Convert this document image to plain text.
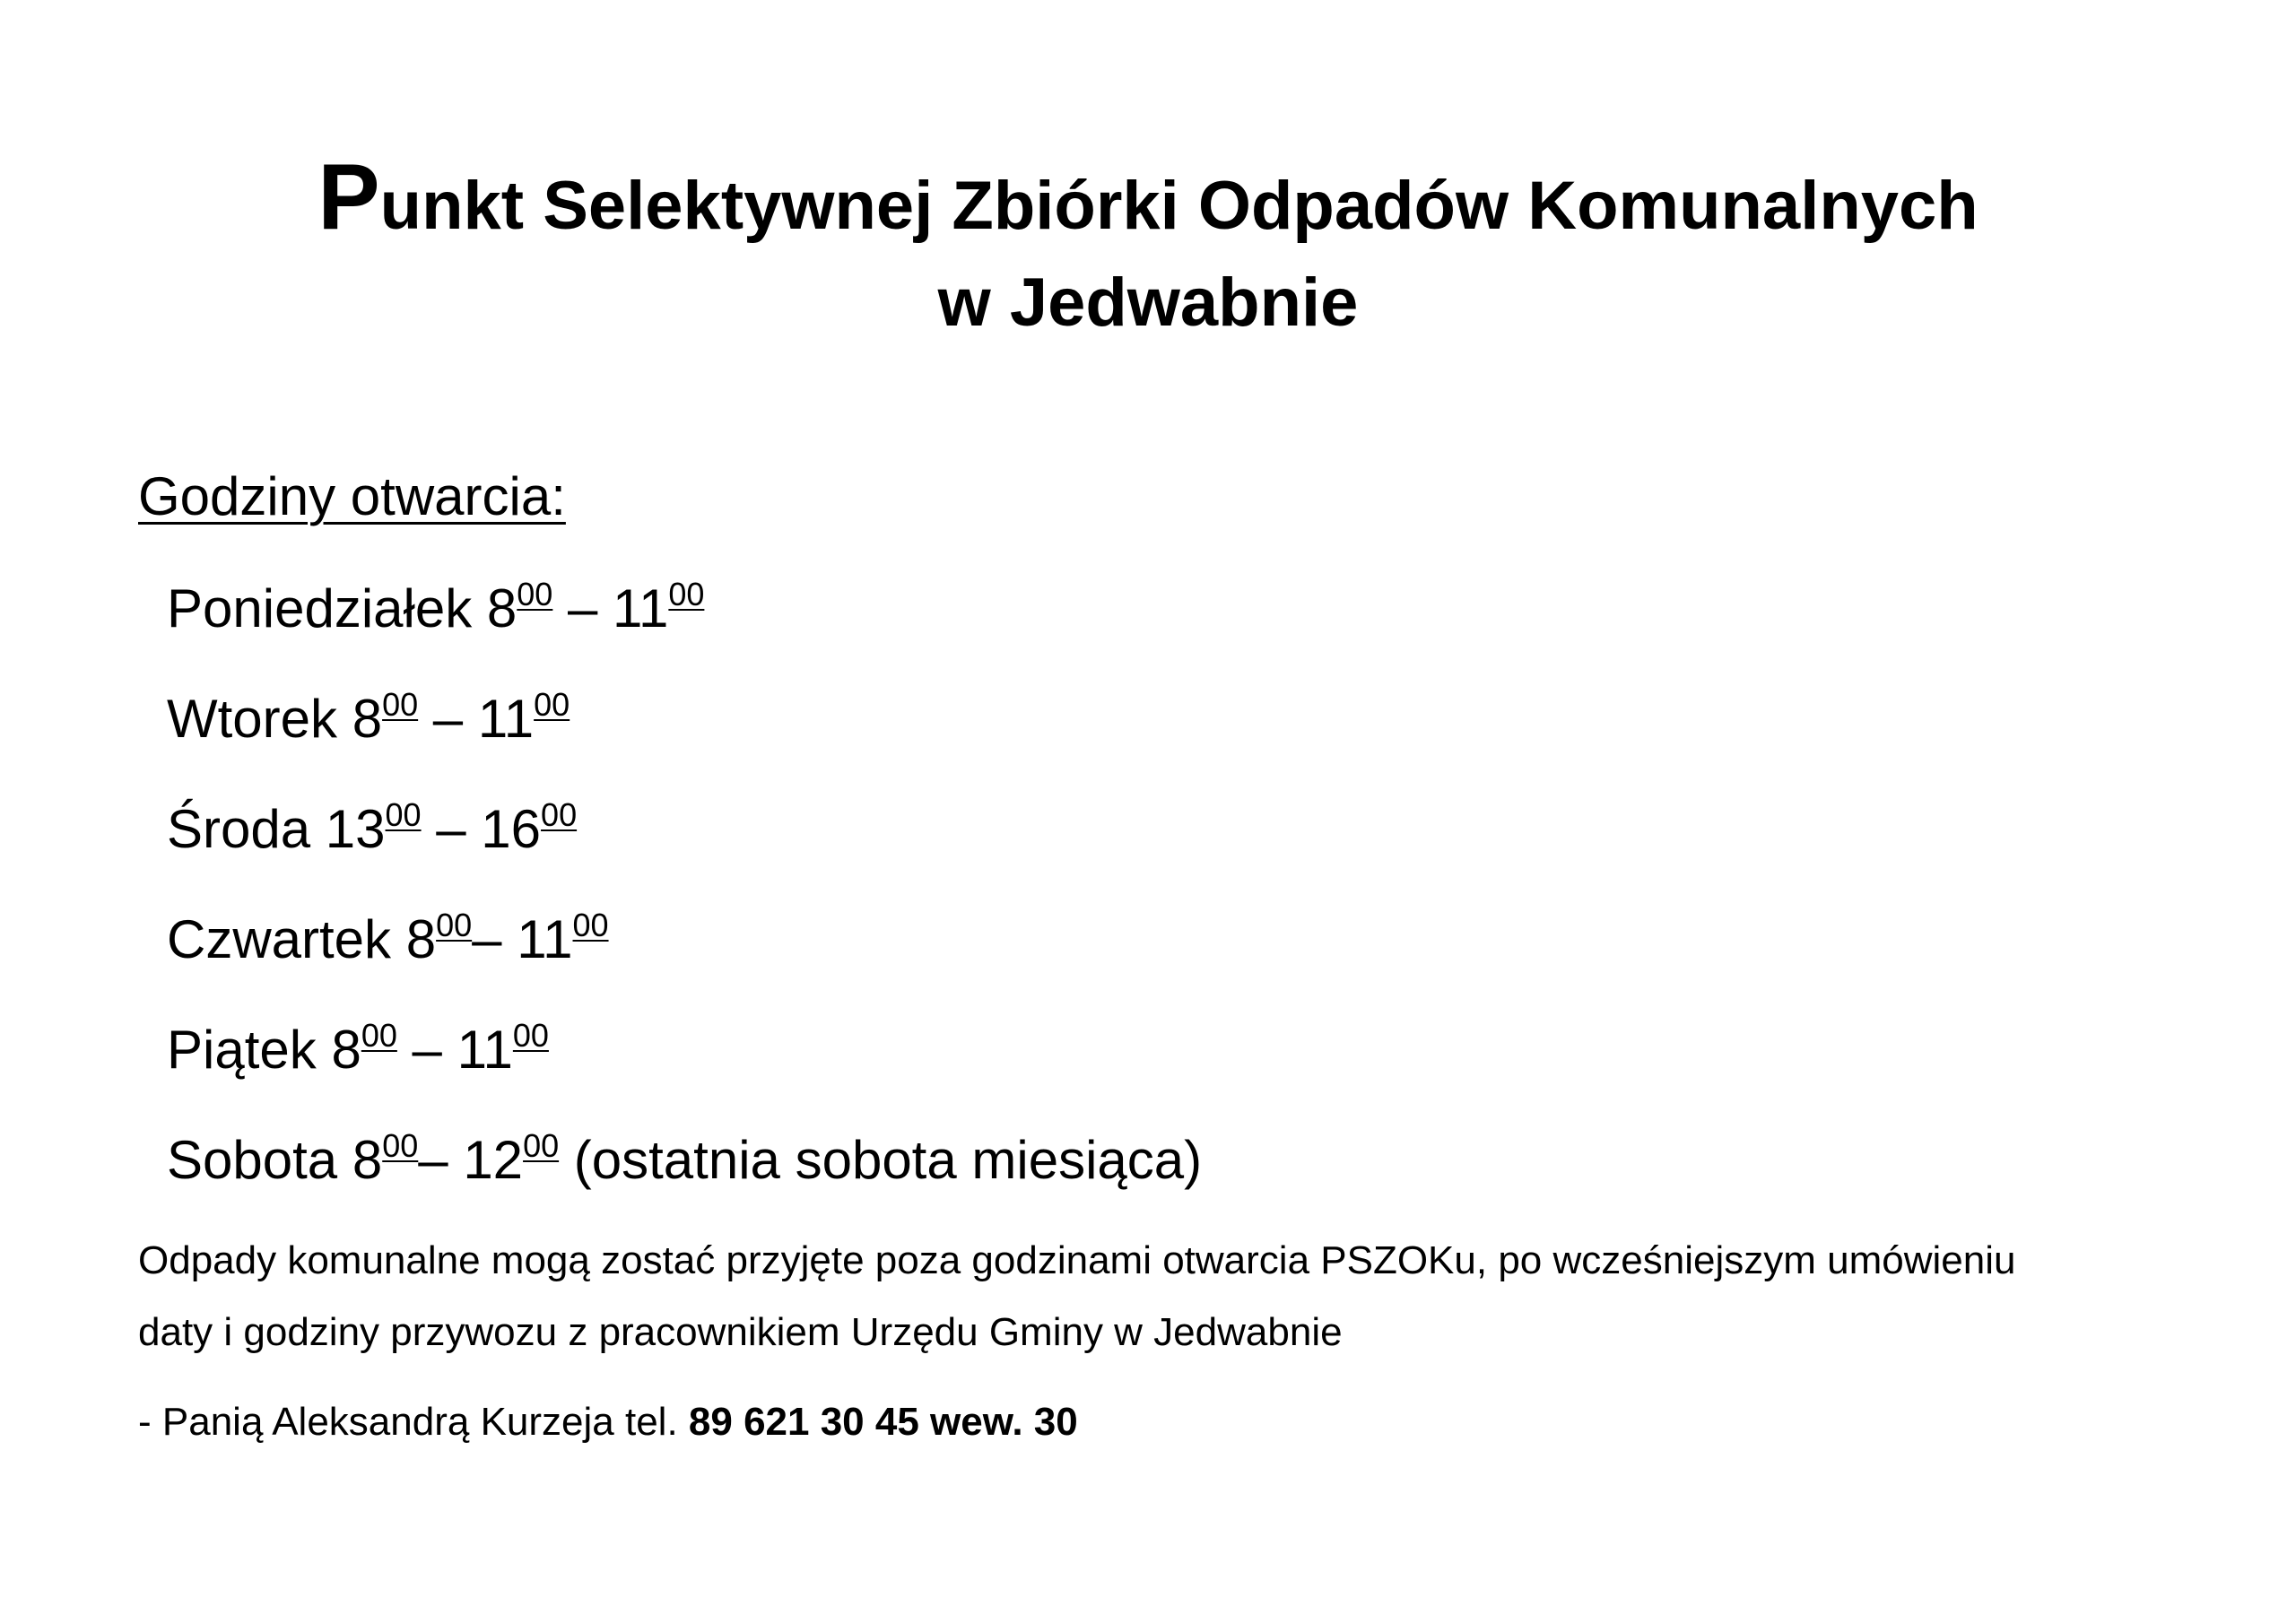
Punkt Selektywnej Zbiórki Odpadów Komunalnych
w Jedwabnie
Godziny otwarcia:
Poniedziałek $8^{00} - 11^{00}$
Wtorek $8^{00} - 11^{00}$
Środa $13^{00} - 16^{00}$
Czwartek $8^{00}-$ $11^{00}$
Piątek $8^{00} - 11^{00}$
Sobota $8^{00}-$ $12^{00}$ (ostatnia sobota miesiąca)
Odpady komunalne mogą zostać przyjęte poza godzinami otwarcia PSZOKu, po wcześniejszym umówieniu
daty i godziny przywozu z pracownikiem Urzędu Gminy w Jedwabnie
- Panią Aleksandrą Kurzeja tel. 89 621 30 45 wew. 30
